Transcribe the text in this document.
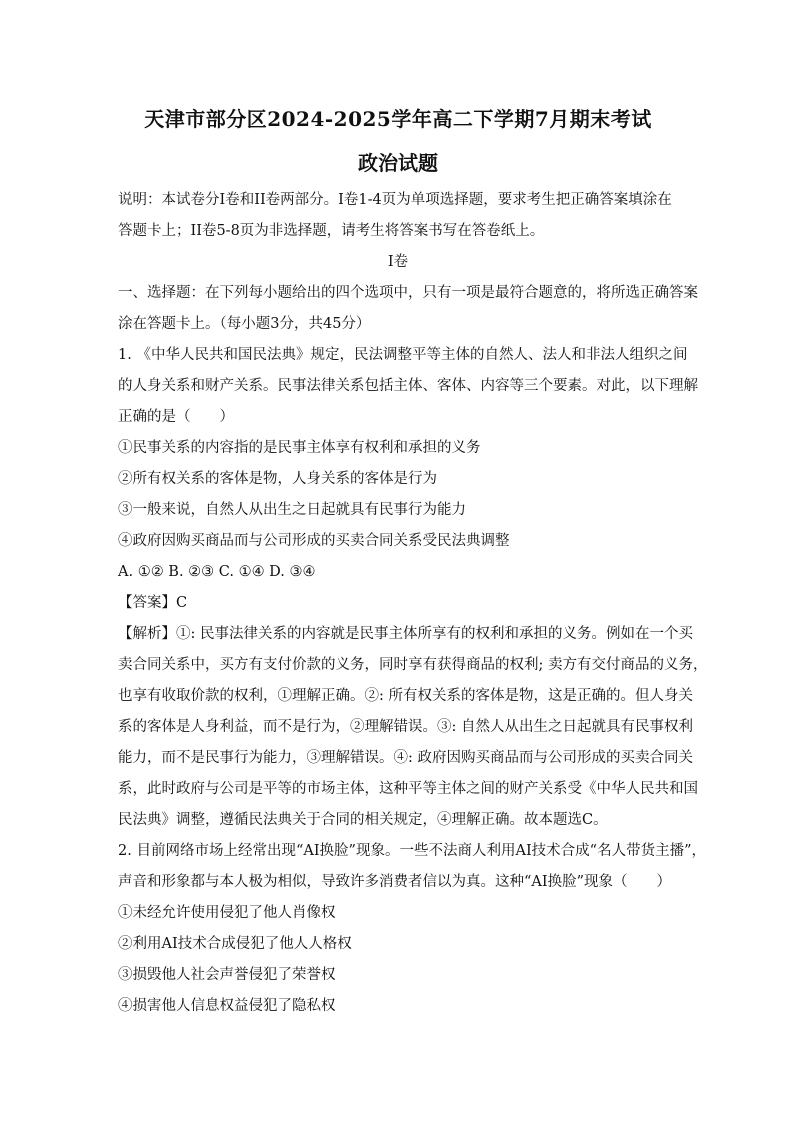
天津市部分区2024-2025学年高二下学期7月期末考试
政治试题
说明：本试卷分I卷和II卷两部分。I卷1-4页为单项选择题，要求考生把正确答案填涂在
答题卡上；II卷5-8页为非选择题，请考生将答案书写在答卷纸上。
I卷
一、选择题：在下列每小题给出的四个选项中，只有一项是最符合题意的，将所选正确答案
涂在答题卡上。（每小题3分，共45分）
1. 《中华人民共和国民法典》规定，民法调整平等主体的自然人、法人和非法人组织之间
的人身关系和财产关系。民事法律关系包括主体、客体、内容等三个要素。对此，以下理解
正确的是（　　）
①民事关系的内容指的是民事主体享有权利和承担的义务
②所有权关系的客体是物，人身关系的客体是行为
③一般来说，自然人从出生之日起就具有民事行为能力
④政府因购买商品而与公司形成的买卖合同关系受民法典调整
A. ①② B. ②③ C. ①④ D. ③④
【答案】C
【解析】①: 民事法律关系的内容就是民事主体所享有的权利和承担的义务。例如在一个买
卖合同关系中，买方有支付价款的义务，同时享有获得商品的权利; 卖方有交付商品的义务，
也享有收取价款的权利，①理解正确。②: 所有权关系的客体是物，这是正确的。但人身关
系的客体是人身利益，而不是行为，②理解错误。③: 自然人从出生之日起就具有民事权利
能力，而不是民事行为能力，③理解错误。④: 政府因购买商品而与公司形成的买卖合同关
系，此时政府与公司是平等的市场主体，这种平等主体之间的财产关系受《中华人民共和国
民法典》调整，遵循民法典关于合同的相关规定，④理解正确。故本题选C。
2. 目前网络市场上经常出现“AI换脸”现象。一些不法商人利用AI技术合成“名人带货主播”，
声音和形象都与本人极为相似，导致许多消费者信以为真。这种“AI换脸”现象（　　）
①未经允许使用侵犯了他人肖像权
②利用AI技术合成侵犯了他人人格权
③损毁他人社会声誉侵犯了荣誉权
④损害他人信息权益侵犯了隐私权
